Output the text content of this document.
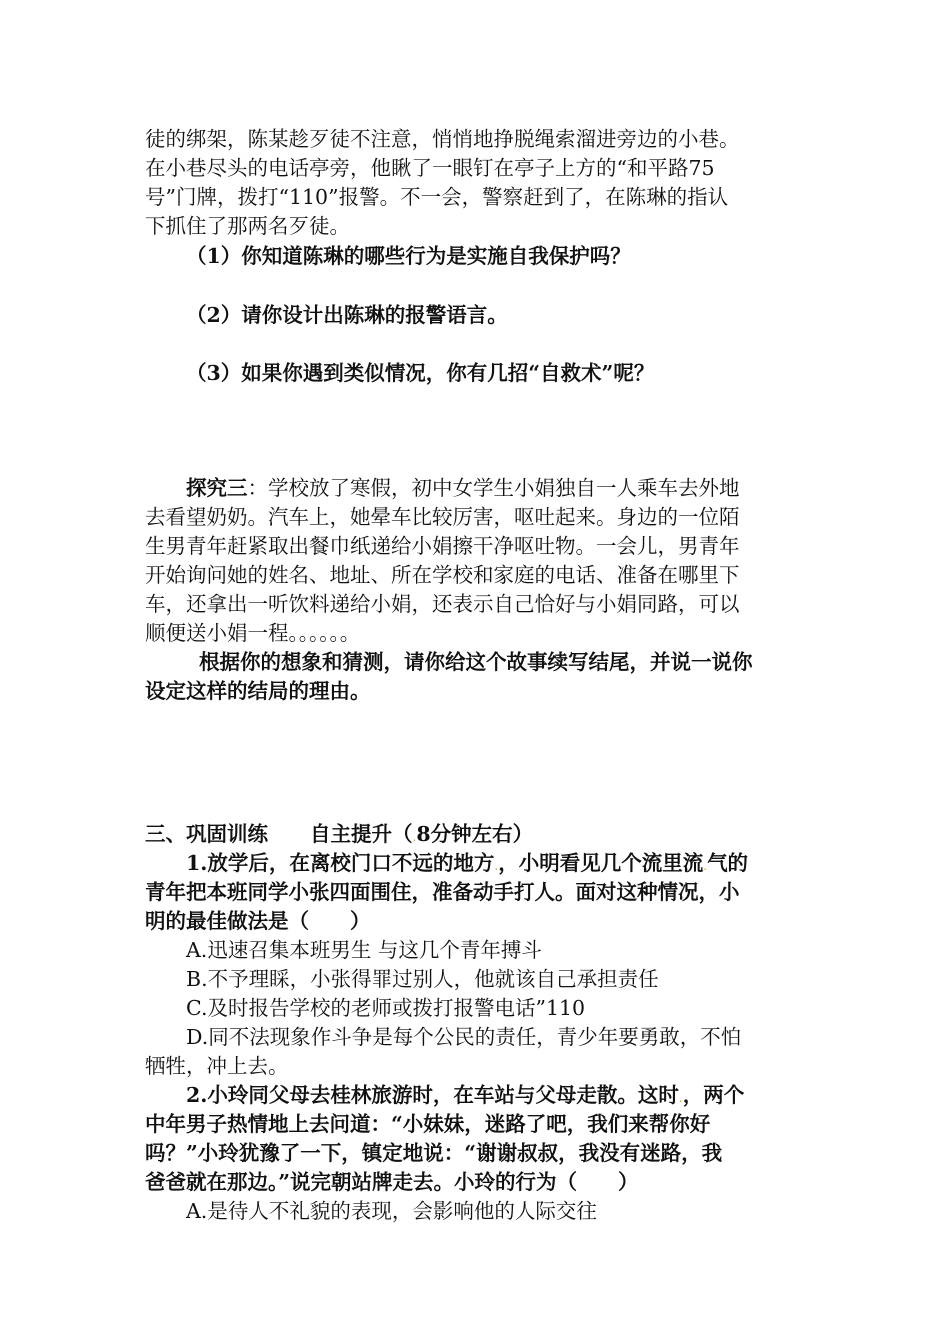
徒的绑架，陈某趁歹徒不注意，悄悄地挣脱绳索溜进旁边的小巷。
在小巷尽头的电话亭旁，他瞅了一眼钉在亭子上方的“和平路75
号”门牌，拨打“110”报警。不一会，警察赶到了，在陈琳的指认
下抓住了那两名歹徒。
（1）你知道陈琳的哪些行为是实施自我保护吗？
（2）请你设计出陈琳的报警语言。
（3）如果你遇到类似情况，你有几招“自救术”呢？
探究三：学校放了寒假，初中女学生小娟独自一人乘车去外地
去看望奶奶。汽车上，她晕车比较厉害，呕吐起来。身边的一位陌
生男青年赶紧取出餐巾纸递给小娟擦干净呕吐物。一会儿，男青年
开始询问她的姓名、地址、所在学校和家庭的电话、准备在哪里下
车，还拿出一听饮料递给小娟，还表示自己恰好与小娟同路，可以
顺便送小娟一程。。。。。。
根据你的想象和猜测，请你给这个故事续写结尾，并说一说你
设定这样的结局的理由。
三、巩固训练 自主提升（.8分钟左右）
1.放学后，在离校门口不远的地方.，小明看见几个流里流.气的
青年把本班同学小张四面围住，准备动手打人。面对这种情况，小
明的最佳做法是（　　）
A.迅速召集本班男生 与这几个青年搏斗
B.不予理睬，小张得罪过别人，他就该自己承担责任
C.及时报告学校的老师或拨打报警电话”110
D.同不法现象作斗争是每个公民的责任，青少年要勇敢，不怕
牺牲，冲上去。
2.小玲同父母去桂林旅游时，在车站与父母走散。这时.，两个
中年男子热情地上去问道：“小妹妹，迷路了吧，我们来帮你好
吗？”小玲犹豫了一下，镇定地说：“谢谢叔叔，我没有迷路，我
爸爸就在那边。”说完朝站牌走去。小玲的行为（　　）
A.是待人不礼貌的表现，会影响他的人际交往
